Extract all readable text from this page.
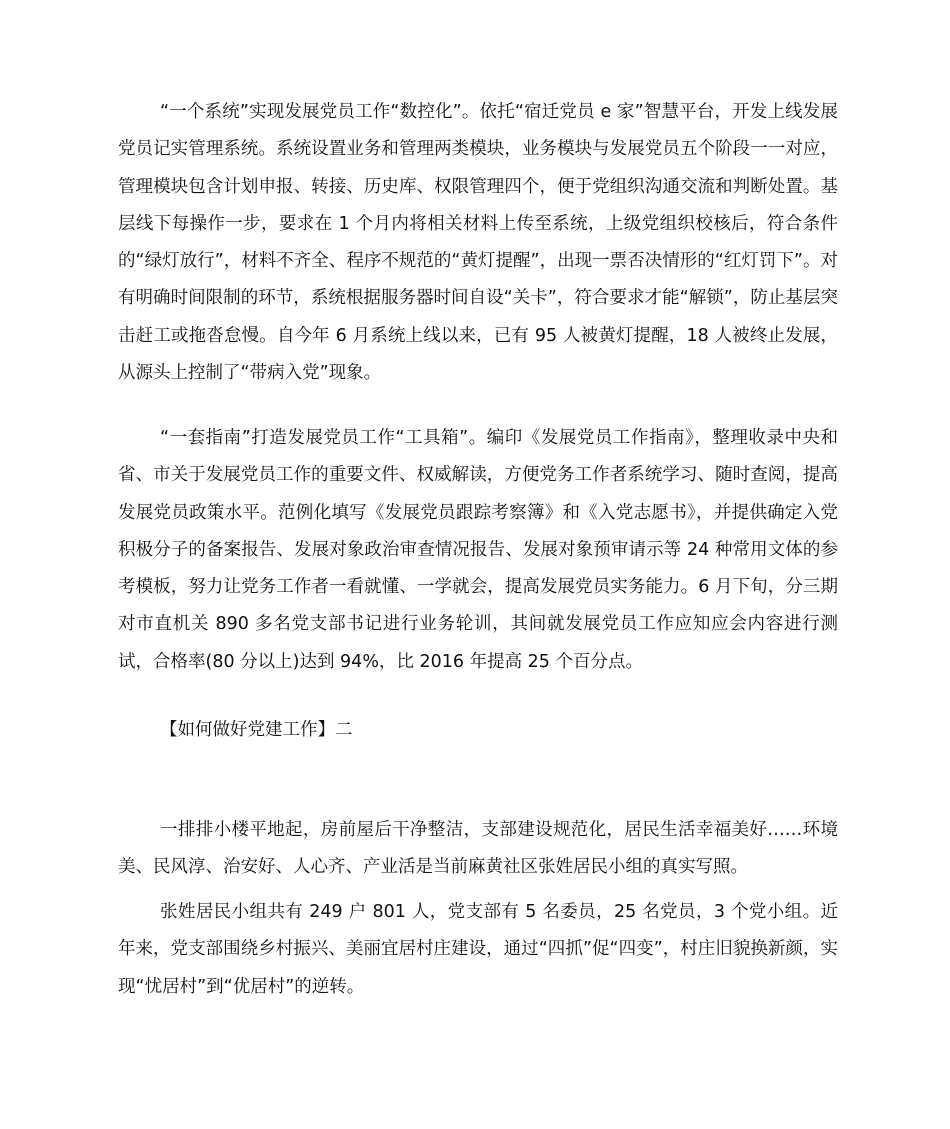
“一个系统”实现发展党员工作“数控化”。依托“宿迁党员 e 家”智慧平台，开发上线发展党员记实管理系统。系统设置业务和管理两类模块，业务模块与发展党员五个阶段一一对应，管理模块包含计划申报、转接、历史库、权限管理四个，便于党组织沟通交流和判断处置。基层线下每操作一步，要求在 1 个月内将相关材料上传至系统，上级党组织校核后，符合条件的“绿灯放行”，材料不齐全、程序不规范的“黄灯提醒”，出现一票否决情形的“红灯罚下”。对有明确时间限制的环节，系统根据服务器时间自设“关卡”，符合要求才能“解锁”，防止基层突击赶工或拖沓怠慢。自今年 6 月系统上线以来，已有 95 人被黄灯提醒，18 人被终止发展，从源头上控制了“带病入党”现象。

“一套指南”打造发展党员工作“工具箱”。编印《发展党员工作指南》，整理收录中央和省、市关于发展党员工作的重要文件、权威解读，方便党务工作者系统学习、随时查阅，提高发展党员政策水平。范例化填写《发展党员跟踪考察簿》和《入党志愿书》，并提供确定入党积极分子的备案报告、发展对象政治审查情况报告、发展对象预审请示等 24 种常用文体的参考模板，努力让党务工作者一看就懂、一学就会，提高发展党员实务能力。6 月下旬，分三期对市直机关 890 多名党支部书记进行业务轮训，其间就发展党员工作应知应会内容进行测试，合格率(80 分以上)达到 94%，比 2016 年提高 25 个百分点。

【如何做好党建工作】二

一排排小楼平地起，房前屋后干净整洁，支部建设规范化，居民生活幸福美好……环境美、民风淳、治安好、人心齐、产业活是当前麻黄社区张姓居民小组的真实写照。

张姓居民小组共有 249 户 801 人，党支部有 5 名委员，25 名党员，3 个党小组。近年来，党支部围绕乡村振兴、美丽宜居村庄建设，通过“四抓”促“四变”，村庄旧貌换新颜，实现“忧居村”到“优居村”的逆转。
